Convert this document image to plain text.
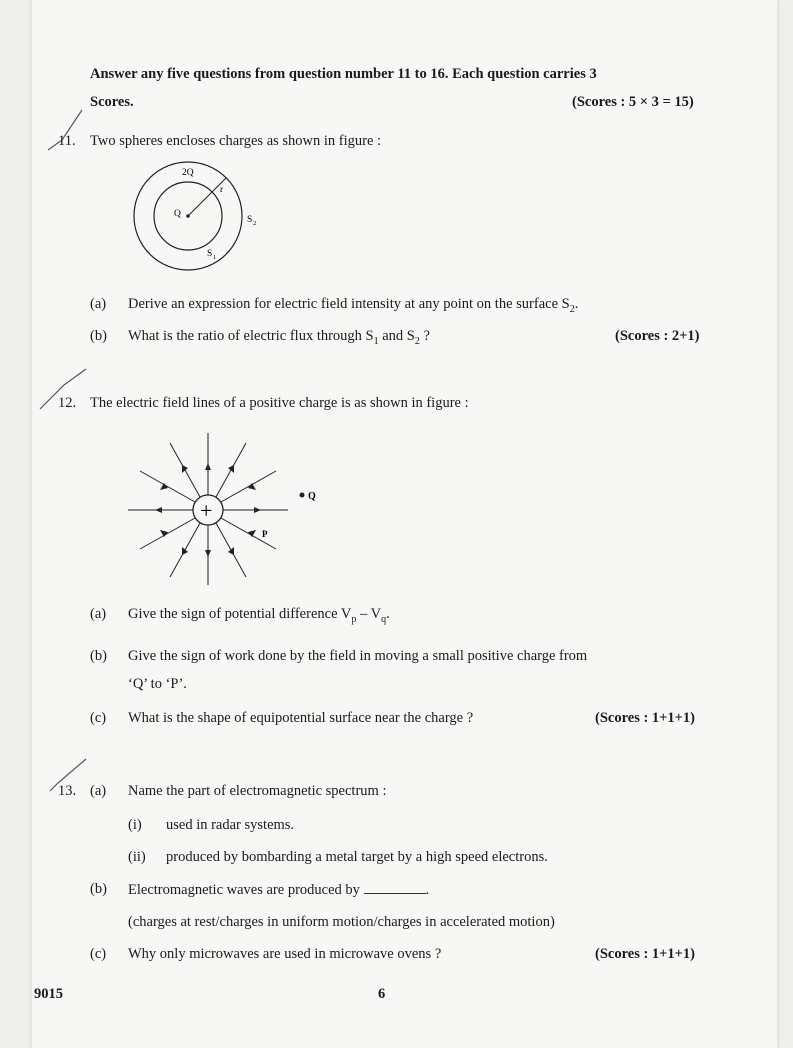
Answer any five questions from question number 11 to 16. Each question carries 3
Scores.	(Scores : 5 × 3 = 15)
11. Two spheres encloses charges as shown in figure :
2Q
Q
r
S 2
S 1
(a) Derive an expression for electric field intensity at any point on the surface $S_2$.
(b) What is the ratio of electric flux through $S_1$ and $S_2$ ?	(Scores : 2+1)
12. The electric field lines of a positive charge is as shown in figure :
+
Q
P
(a) Give the sign of potential difference $V_p - V_q$.
(b) Give the sign of work done by the field in moving a small positive charge from
‘Q’ to ‘P’.
(c) What is the shape of equipotential surface near the charge ?	(Scores : 1+1+1)
13. (a) Name the part of electromagnetic spectrum :
(i) used in radar systems.
(ii) produced by bombarding a metal target by a high speed electrons.
(b) Electromagnetic waves are produced by	.
(charges at rest/charges in uniform motion/charges in accelerated motion)
(c) Why only microwaves are used in microwave ovens ?	(Scores : 1+1+1)
9015	6
